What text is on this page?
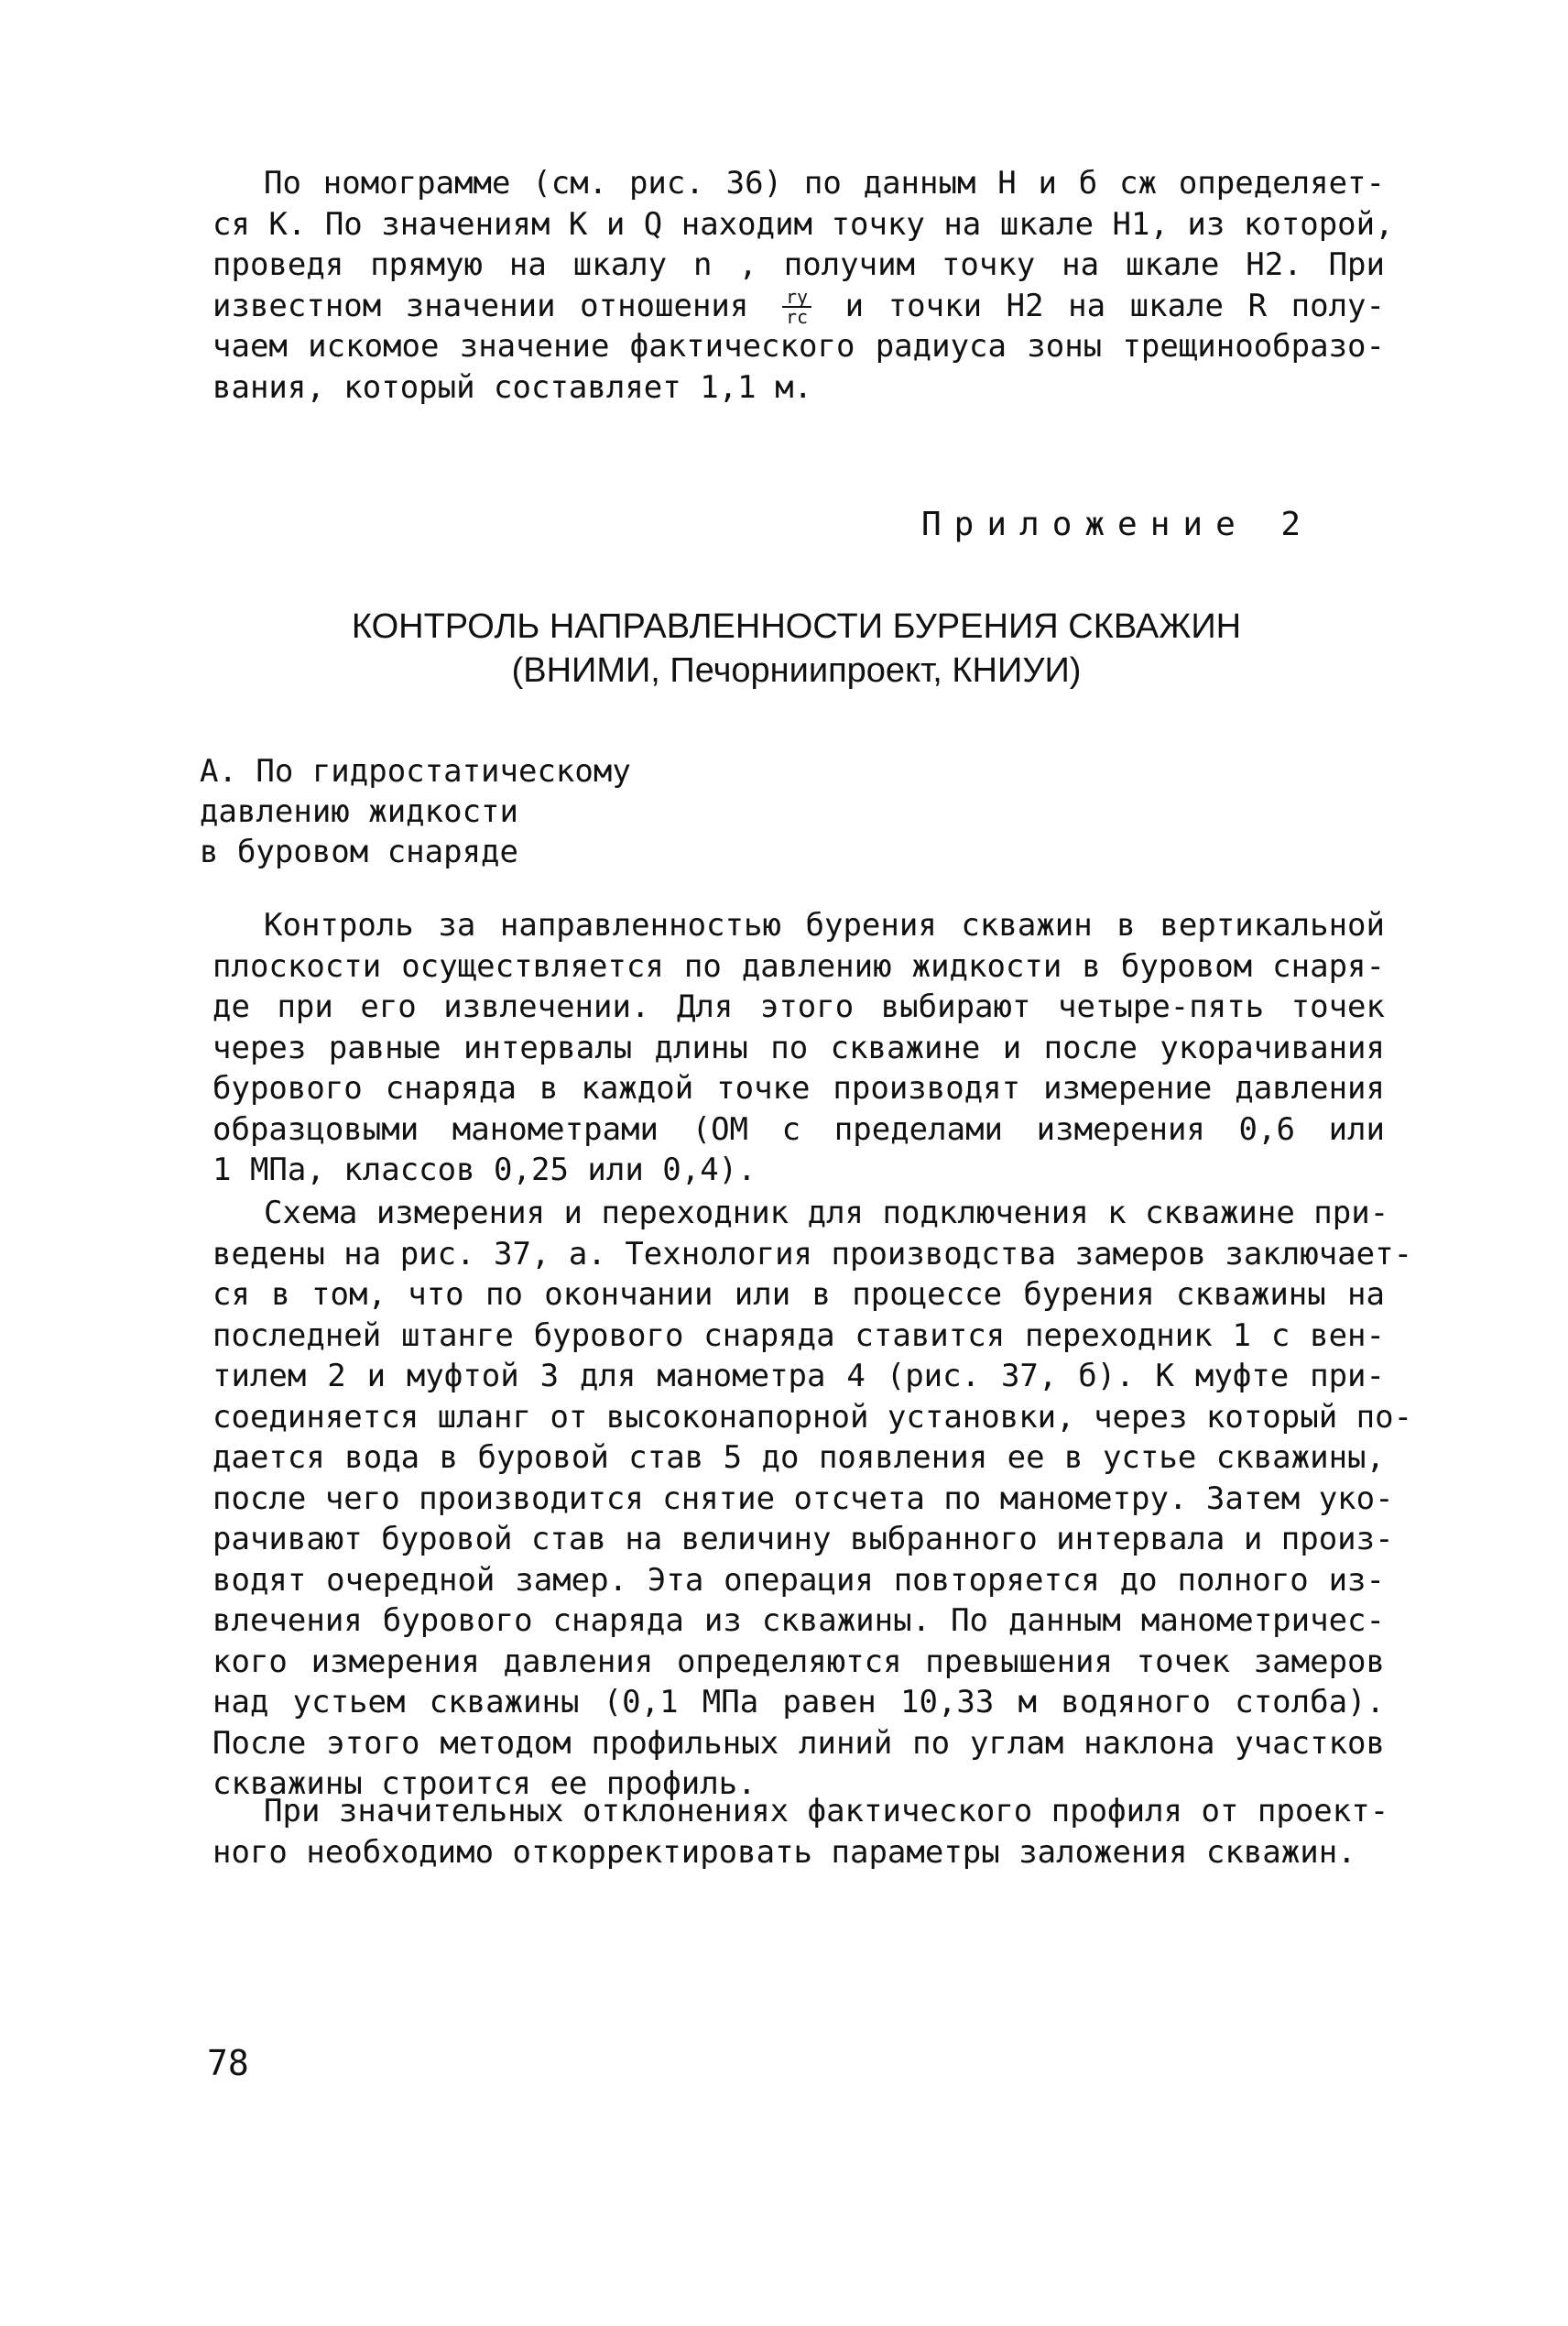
По номограмме (см. рис. 36) по данным H и б сж определяет-
ся K. По значениям K и Q находим точку на шкале H1, из которой,
проведя прямую на шкалу n , получим точку на шкале H2. При
известном значении отношения $\frac{ry}{rc}$ и точки H2 на шкале R полу-
чаем искомое значение фактического радиуса зоны трещинообразо-
вания, который составляет 1,1 м.

Приложение 2

КОНТРОЛЬ НАПРАВЛЕННОСТИ БУРЕНИЯ СКВАЖИН
(ВНИМИ, Печорниипроект, КНИУИ)
А. По гидростатическому
давлению жидкости
в буровом снаряде
Контроль за направленностью бурения скважин в вертикальной
плоскости осуществляется по давлению жидкости в буровом снаря-
де при его извлечении. Для этого выбирают четыре-пять точек
через равные интервалы длины по скважине и после укорачивания
бурового снаряда в каждой точке производят измерение давления
образцовыми манометрами (ОМ с пределами измерения 0,6 или
1 МПа, классов 0,25 или 0,4).
Схема измерения и переходник для подключения к скважине при-
ведены на рис. 37, а. Технология производства замеров заключает-
ся в том, что по окончании или в процессе бурения скважины на
последней штанге бурового снаряда ставится переходник 1 с вен-
тилем 2 и муфтой 3 для манометра 4 (рис. 37, б). К муфте при-
соединяется шланг от высоконапорной установки, через который по-
дается вода в буровой став 5 до появления ее в устье скважины,
после чего производится снятие отсчета по манометру. Затем уко-
рачивают буровой став на величину выбранного интервала и произ-
водят очередной замер. Эта операция повторяется до полного из-
влечения бурового снаряда из скважины. По данным манометричес-
кого измерения давления определяются превышения точек замеров
над устьем скважины (0,1 МПа равен 10,33 м водяного столба).
После этого методом профильных линий по углам наклона участков
скважины строится ее профиль.
При значительных отклонениях фактического профиля от проект-
ного необходимо откорректировать параметры заложения скважин.

78
